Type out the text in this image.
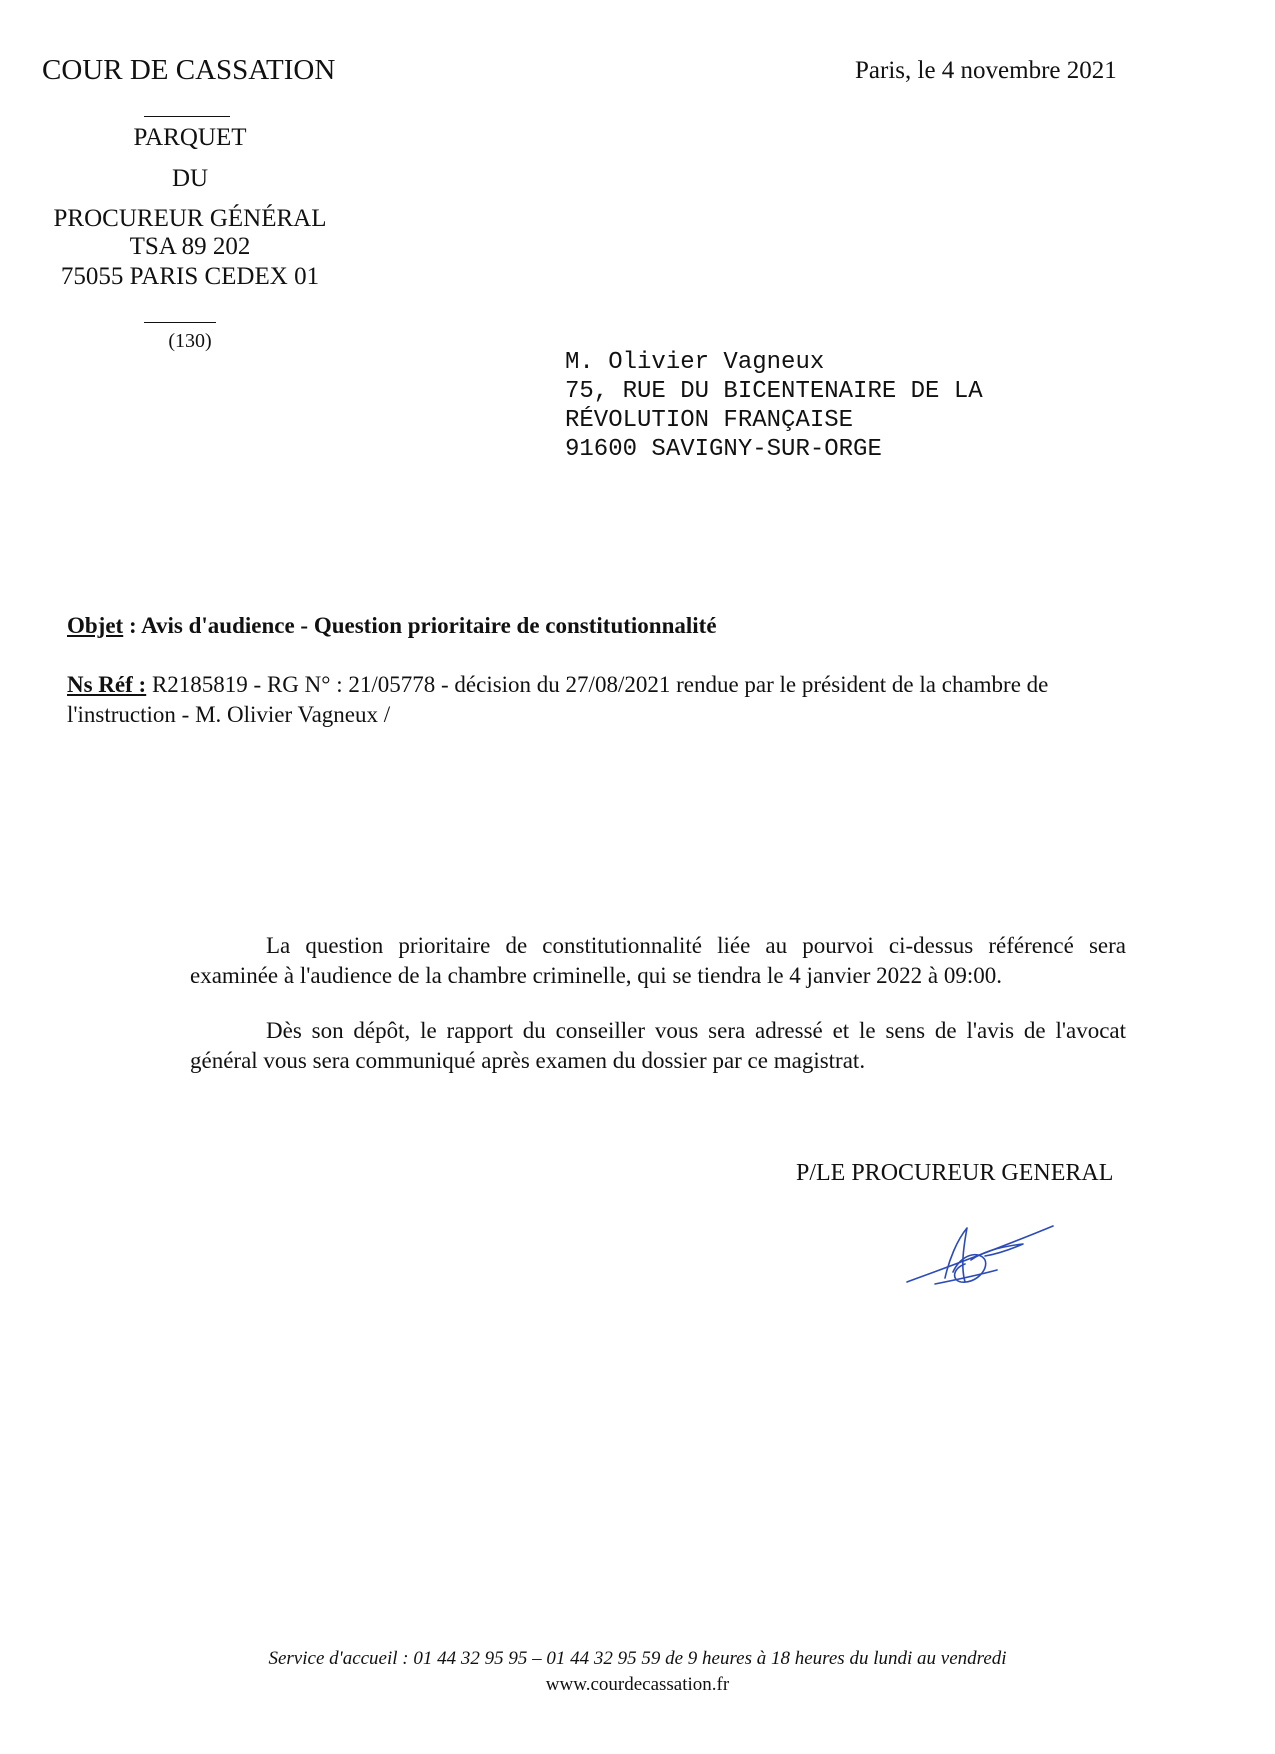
COUR DE CASSATION	Paris, le 4 novembre 2021
PARQUET
DU
PROCUREUR GÉNÉRAL
TSA 89 202
75055 PARIS CEDEX 01
(130)
M. Olivier Vagneux
75, RUE DU BICENTENAIRE DE LA
RÉVOLUTION FRANÇAISE
91600 SAVIGNY-SUR-ORGE
Objet : Avis d'audience - Question prioritaire de constitutionnalité
Ns Réf : R2185819 - RG N° : 21/05778 - décision du 27/08/2021 rendue par le président de la chambre de l'instruction - M. Olivier Vagneux /

La question prioritaire de constitutionnalité liée au pourvoi ci-dessus référencé sera examinée à l'audience de la chambre criminelle, qui se tiendra le 4 janvier 2022 à 09:00.

Dès son dépôt, le rapport du conseiller vous sera adressé et le sens de l'avis de l'avocat général vous sera communiqué après examen du dossier par ce magistrat.

P/LE PROCUREUR GENERAL
Service d'accueil : 01 44 32 95 95 – 01 44 32 95 59 de 9 heures à 18 heures du lundi au vendredi
www.courdecassation.fr
